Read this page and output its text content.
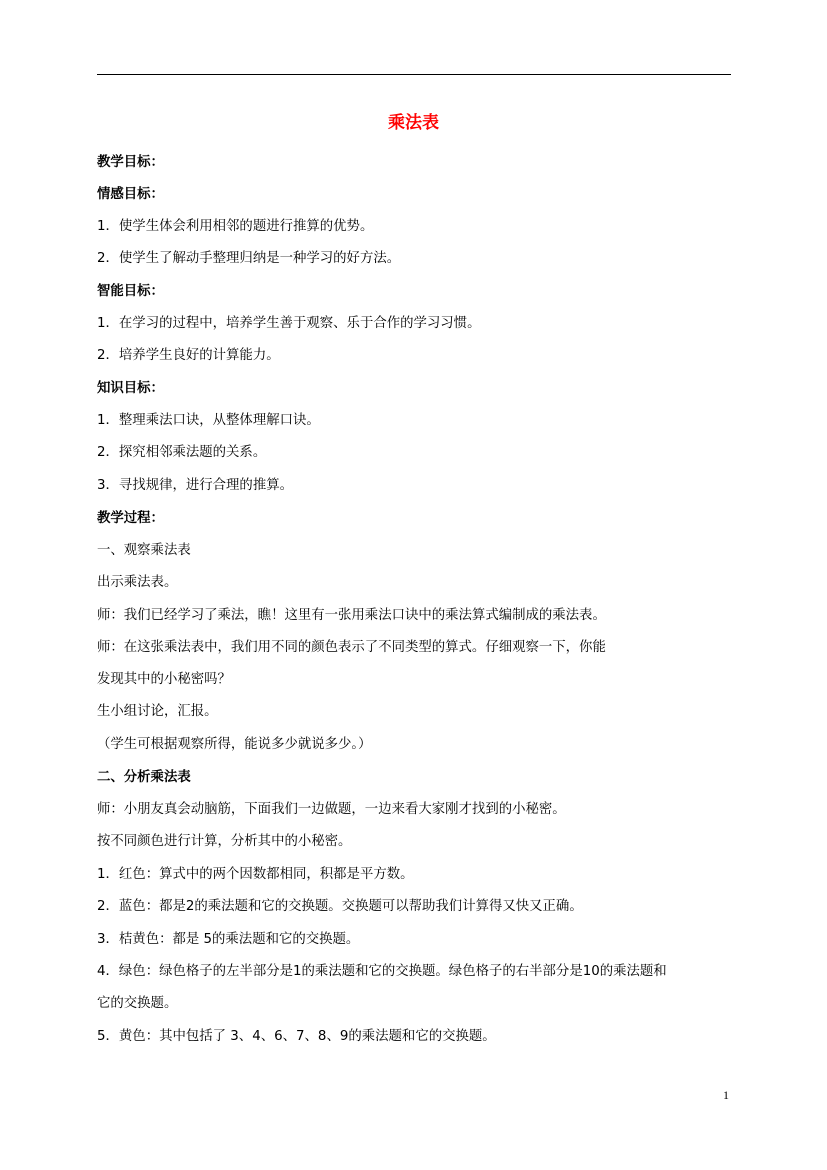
乘法表
教学目标：
情感目标：
1．使学生体会利用相邻的题进行推算的优势。
2．使学生了解动手整理归纳是一种学习的好方法。
智能目标：
1．在学习的过程中，培养学生善于观察、乐于合作的学习习惯。
2．培养学生良好的计算能力。
知识目标：
1．整理乘法口诀，从整体理解口诀。
2．探究相邻乘法题的关系。
3．寻找规律，进行合理的推算。
教学过程：
一、观察乘法表
出示乘法表。
师：我们已经学习了乘法，瞧！这里有一张用乘法口诀中的乘法算式编制成的乘法表。
师：在这张乘法表中，我们用不同的颜色表示了不同类型的算式。仔细观察一下，你能
发现其中的小秘密吗？
生小组讨论，汇报。
（学生可根据观察所得，能说多少就说多少。）
二、分析乘法表
师：小朋友真会动脑筋，下面我们一边做题，一边来看大家刚才找到的小秘密。
按不同颜色进行计算，分析其中的小秘密。
1．红色：算式中的两个因数都相同，积都是平方数。
2．蓝色：都是2的乘法题和它的交换题。交换题可以帮助我们计算得又快又正确。
3．桔黄色：都是 5的乘法题和它的交换题。
4．绿色：绿色格子的左半部分是1的乘法题和它的交换题。绿色格子的右半部分是10的乘法题和
它的交换题。
5．黄色：其中包括了 3、4、6、7、8、9的乘法题和它的交换题。
1
